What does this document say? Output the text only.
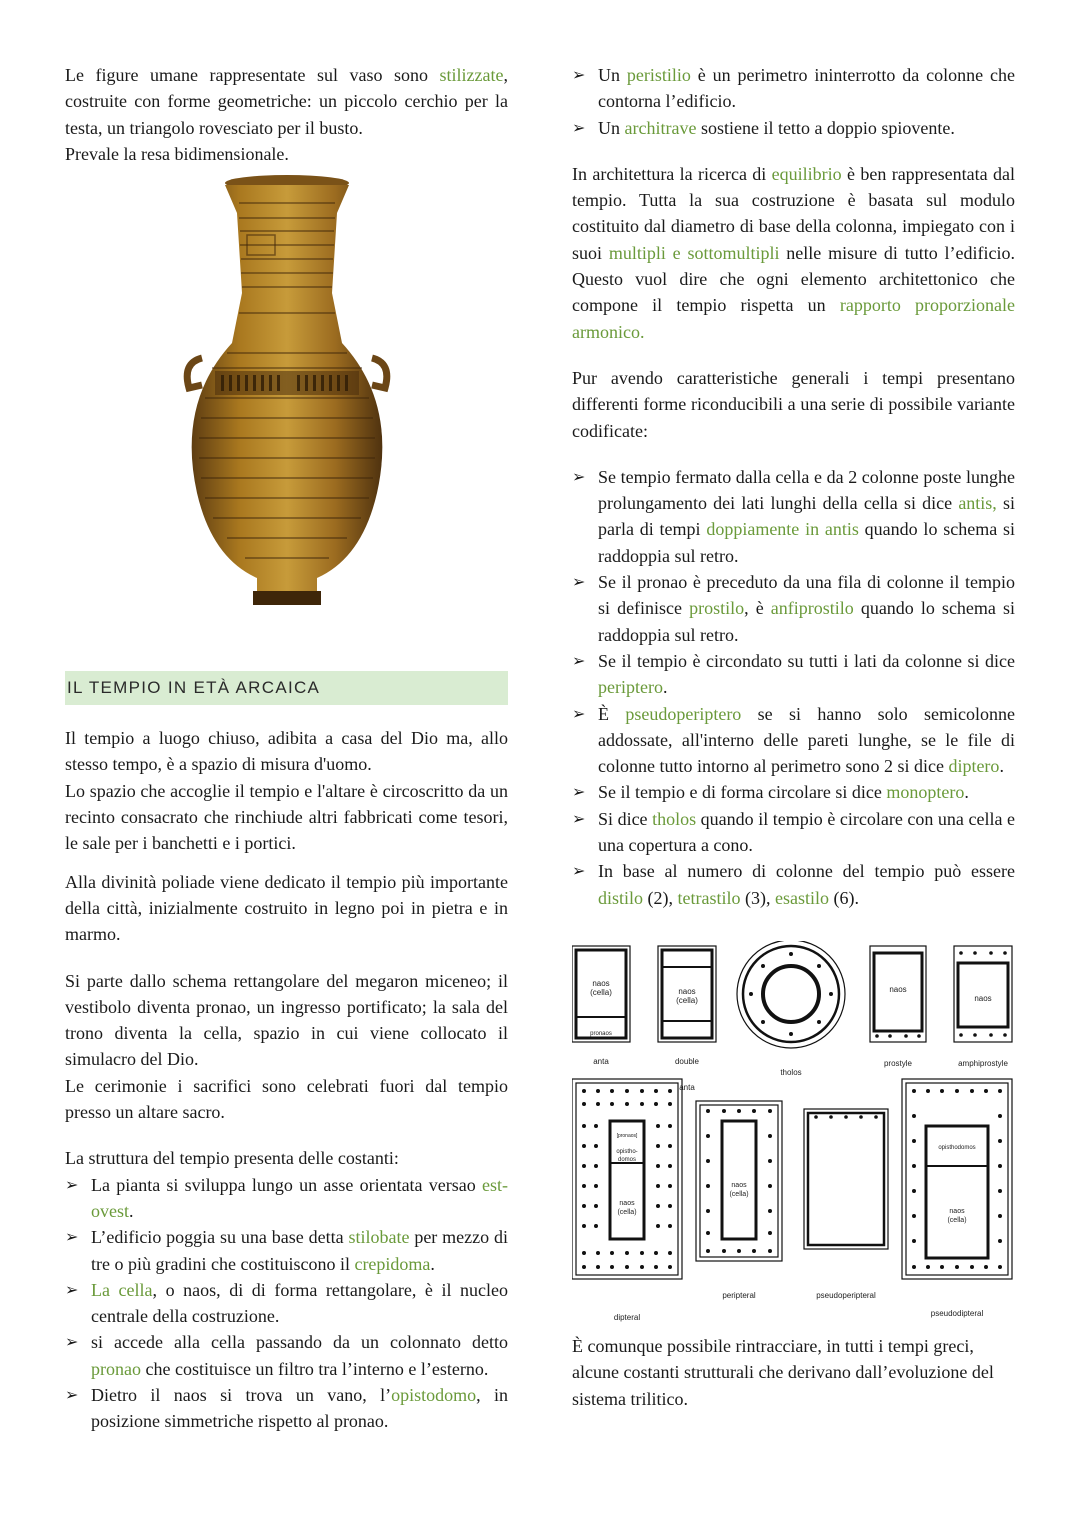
Le figure umane rappresentate sul vaso sono stilizzate, costruite con forme geometriche: un piccolo cerchio per la testa, un triangolo rovesciato per il busto.
Prevale la resa bidimensionale.

IL TEMPIO IN ETÀ ARCAICA

Il tempio a luogo chiuso, adibita a casa del Dio ma, allo stesso tempo, è a spazio di misura d'uomo.
Lo spazio che accoglie il tempio e l'altare è circoscritto da un recinto consacrato che rinchiude altri fabbricati come tesori, le sale per i banchetti e i portici.

Alla divinità poliade viene dedicato il tempio più importante della città, inizialmente costruito in legno poi in pietra e in marmo.

Si parte dallo schema rettangolare del megaron miceneo; il vestibolo diventa pronao, un ingresso portificato; la sala del trono diventa la cella, spazio in cui viene collocato il simulacro del Dio.
Le cerimonie i sacrifici sono celebrati fuori dal tempio presso un altare sacro.

La struttura del tempio presenta delle costanti:

➢ La pianta si sviluppa lungo un asse orientata versao est-ovest.
➢ L’edificio poggia su una base detta stilobate per mezzo di tre o più gradini che costituiscono il crepidoma.
➢ La cella, o naos, di di forma rettangolare, è il nucleo centrale della costruzione.
➢ si accede alla cella passando da un colonnato detto pronao che costituisce un filtro tra l’interno e l’esterno.
➢ Dietro il naos si trova un vano, l’opistodomo, in posizione simmetriche rispetto al pronao.
➢ Un peristilio è un perimetro ininterrotto da colonne che contorna l’edificio.
➢ Un architrave sostiene il tetto a doppio spiovente.

In architettura la ricerca di equilibrio è ben rappresentata dal tempio. Tutta la sua costruzione è basata sul modulo costituito dal diametro di base della colonna, impiegato con i suoi multipli e sottomultipli nelle misure di tutto l’edificio. Questo vuol dire che ogni elemento architettonico che compone il tempio rispetta un rapporto proporzionale armonico.

Pur avendo caratteristiche generali i tempi presentano differenti forme riconducibili a una serie di possibile variante codificate:

➢ Se tempio fermato dalla cella e da 2 colonne poste lunghe prolungamento dei lati lunghi della cella si dice antis, si parla di tempi doppiamente in antis quando lo schema si raddoppia sul retro.
➢ Se il pronao è preceduto da una fila di colonne il tempio si definisce prostilo, è anfiprostilo quando lo schema si raddoppia sul retro.
➢ Se il tempio è circondato su tutti i lati da colonne si dice periptero.
➢ È pseudoperiptero se si hanno solo semicolonne addossate, all'interno delle pareti lunghe, se le file di colonne tutto intorno al perimetro sono 2 si dice diptero.
➢ Se il tempio e di forma circolare si dice monoptero.
➢ Si dice tholos quando il tempio è circolare con una cella e una copertura a cono.
➢ In base al numero di colonne del tempio può essere distilo (2), tetrastilo (3), esastilo (6).
naos
(cella)
pronaos
naos
(cella)
naos
naos
[pronaos]
opistho-
domos
naos
(cella)
naos
(cella)
opisthodomos
naos
(cella)
anta	double
anta
tholos
prostyle	amphiprostyle
dipteral
peripteral	pseudoperipteral
pseudodipteral

È comunque possibile rintracciare, in tutti i tempi greci, alcune costanti strutturali che derivano dall’evoluzione del sistema trilitico.
